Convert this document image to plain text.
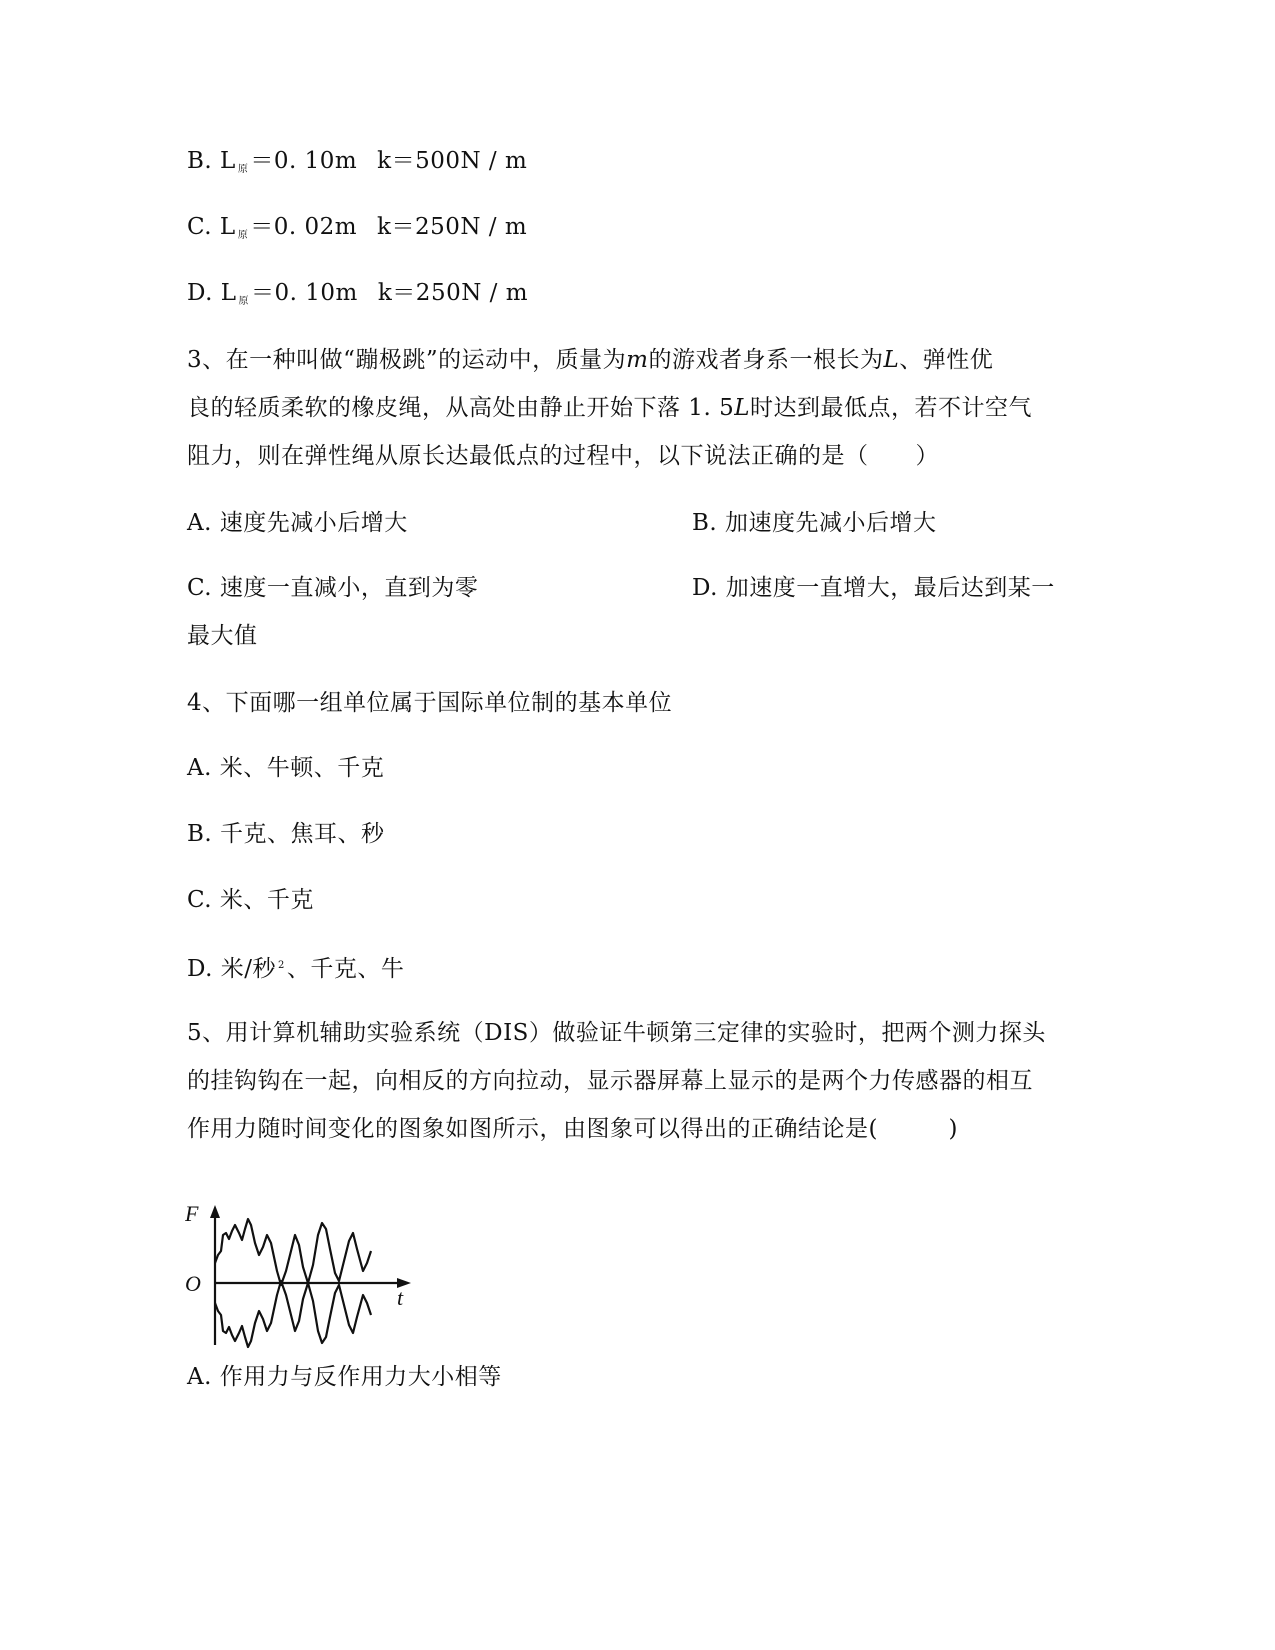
B. L $_原$＝0. 10m k＝500N / m
C. L $_原$＝0. 02m k＝250N / m
D. L $_原$＝0. 10m k＝250N / m
3、在一种叫做“蹦极跳”的运动中，质量为m的游戏者身系一根长为L、弹性优
良的轻质柔软的橡皮绳，从高处由静止开始下落 1. 5L时达到最低点，若不计空气
阻力，则在弹性绳从原长达最低点的过程中，以下说法正确的是（　　）
A. 速度先减小后增大	B. 加速度先减小后增大
C. 速度一直减小，直到为零	D. 加速度一直增大，最后达到某一
最大值
4、下面哪一组单位属于国际单位制的基本单位
A. 米、牛顿、千克
B. 千克、焦耳、秒
C. 米、千克
D. 米/秒 $^2$、千克、牛
5、用计算机辅助实验系统（DIS）做验证牛顿第三定律的实验时，把两个测力探头
的挂钩钩在一起，向相反的方向拉动，显示器屏幕上显示的是两个力传感器的相互
作用力随时间变化的图象如图所示，由图象可以得出的正确结论是(　　　)
F
O
t
A. 作用力与反作用力大小相等
